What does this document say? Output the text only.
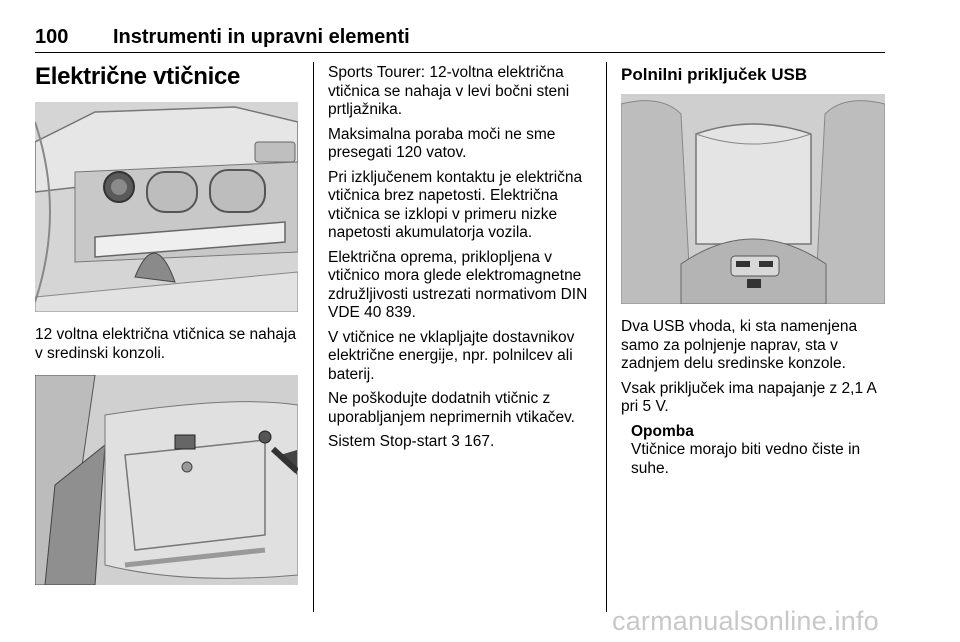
100 Instrumenti in upravni elementi
Električne vtičnice

12 voltna električna vtičnica se nahaja v sredinski konzoli.

Sports Tourer: 12-voltna električna vtičnica se nahaja v levi bočni steni prtljažnika.

Maksimalna poraba moči ne sme presegati 120 vatov.

Pri izključenem kontaktu je električna vtičnica brez napetosti. Električna vtičnica se izklopi v primeru nizke napetosti akumulatorja vozila.

Električna oprema, priklopljena v vtičnico mora glede elektromagnetne združljivosti ustrezati normativom DIN VDE 40 839.

V vtičnice ne vklapljajte dostavnikov električne energije, npr. polnilcev ali baterij.

Ne poškodujte dodatnih vtičnic z uporabljanjem neprimernih vtikačev.

Sistem Stop-start 3 167.

Polnilni priključek USB

Dva USB vhoda, ki sta namenjena samo za polnjenje naprav, sta v zadnjem delu sredinske konzole.

Vsak priključek ima napajanje z 2,1 A pri 5 V.

Opomba

Vtičnice morajo biti vedno čiste in suhe.

carmanualsonline.info
